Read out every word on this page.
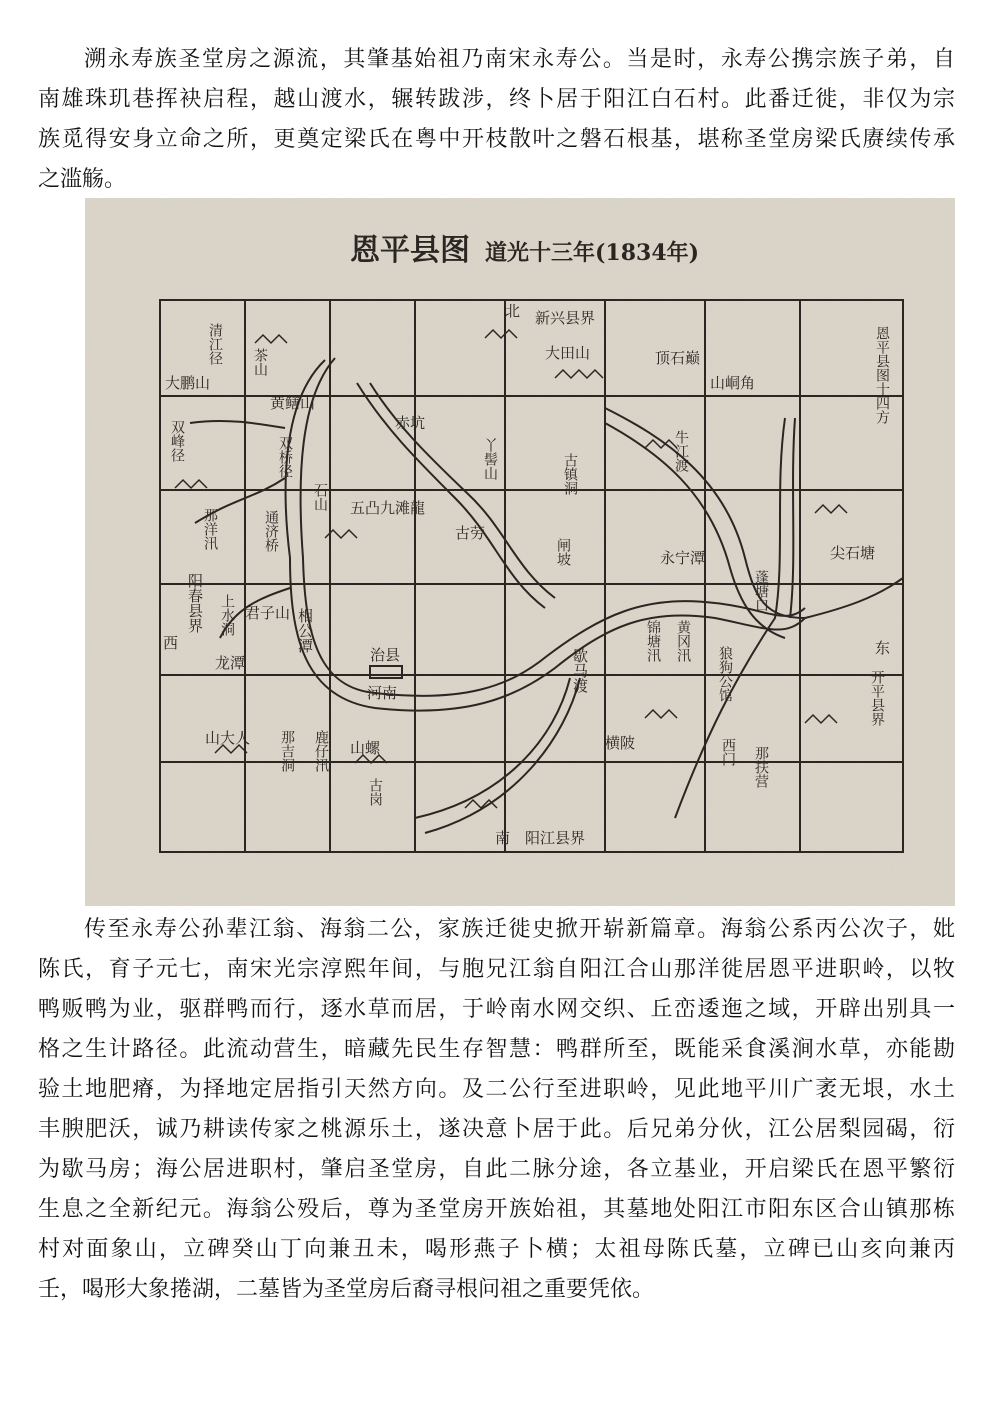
溯永寿族圣堂房之源流，其肇基始祖乃南宋永寿公。当是时，永寿公携宗族子弟，自
南雄珠玑巷挥袂启程，越山渡水，辗转跋涉，终卜居于阳江白石村。此番迁徙，非仅为宗
族觅得安身立命之所，更奠定梁氏在粤中开枝散叶之磐石根基，堪称圣堂房梁氏赓续传承
之滥觞。
恩平县图 道光十三年(1834年)
北 新兴县界
大田山	顶石巅
山峒角
大鹏山
黄鳝山
赤坑
阳春县界	君子山
龙潭
五凸九滩龍
相公潭
治县
河南
古劳
永宁潭	尖石塘
歇马渡	东
山大人
山螺
南 阳江县界
横陂
西
恩平县图十四方
清江径
双峰径	双桥径
那洋汛
上水洞
通济桥
牛江渡
丫髻山	古镇洞
蓬塘口
锦塘汛 黄冈汛
开平县界
那吉洞 鹿仔汛	那扶营
狼狗公馆
茶山
石山
闸坡
古岗
西门
传至永寿公孙辈江翁、海翁二公，家族迁徙史掀开崭新篇章。海翁公系丙公次子，妣
陈氏，育子元七，南宋光宗淳熙年间，与胞兄江翁自阳江合山那洋徙居恩平进职岭，以牧
鸭贩鸭为业，驱群鸭而行，逐水草而居，于岭南水网交织、丘峦逶迤之域，开辟出别具一
格之生计路径。此流动营生，暗藏先民生存智慧：鸭群所至，既能采食溪涧水草，亦能勘
验土地肥瘠，为择地定居指引天然方向。及二公行至进职岭，见此地平川广袤无垠，水土
丰腴肥沃，诚乃耕读传家之桃源乐土，遂决意卜居于此。后兄弟分伙，江公居梨园碣，衍
为歇马房；海公居进职村，肇启圣堂房，自此二脉分途，各立基业，开启梁氏在恩平繁衍
生息之全新纪元。海翁公殁后，尊为圣堂房开族始祖，其墓地处阳江市阳东区合山镇那栋
村对面象山，立碑癸山丁向兼丑未，喝形燕子卜横；太祖母陈氏墓，立碑已山亥向兼丙
壬，喝形大象捲湖，二墓皆为圣堂房后裔寻根问祖之重要凭依。
